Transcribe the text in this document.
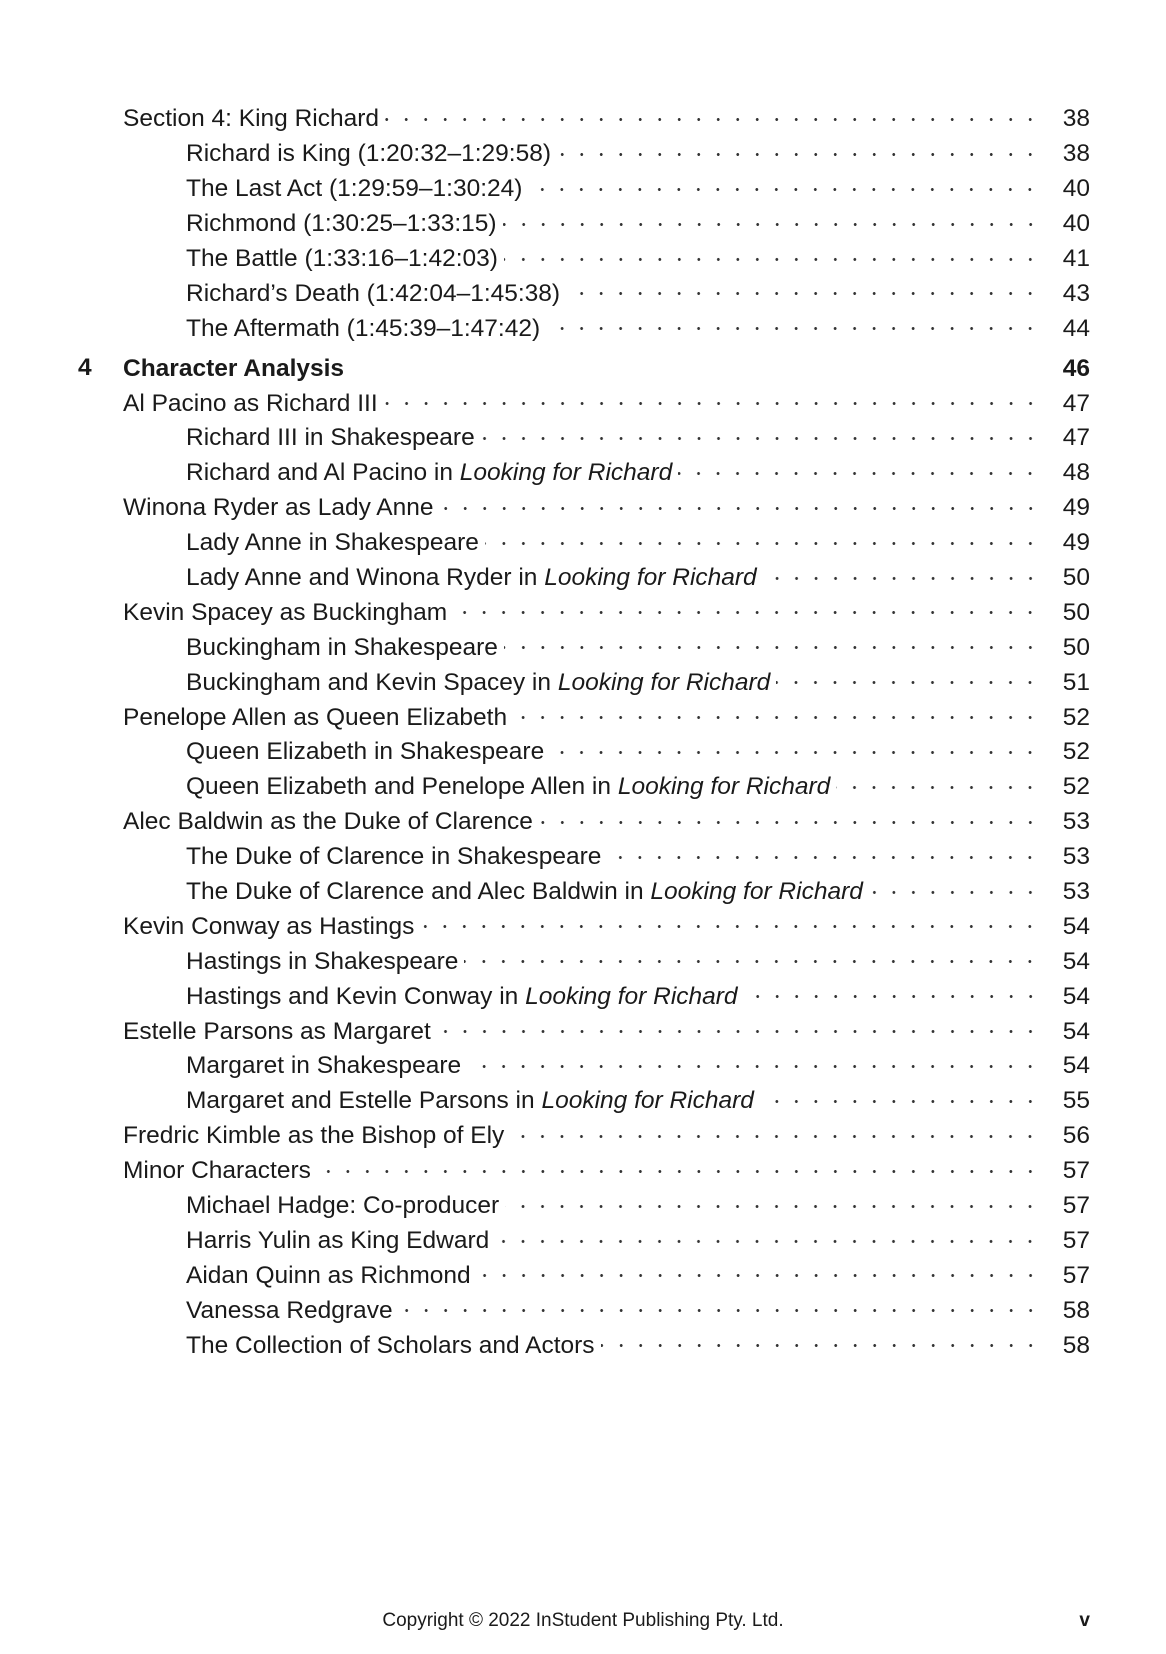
Section 4: King Richard	38
Richard is King (1:20:32–1:29:58)	38
The Last Act (1:29:59–1:30:24)	40
Richmond (1:30:25–1:33:15)	40
The Battle (1:33:16–1:42:03)	41
Richard’s Death (1:42:04–1:45:38)	43
The Aftermath (1:45:39–1:47:42)	44
4 Character Analysis	46
Al Pacino as Richard III	47
Richard III in Shakespeare	47
Richard and Al Pacino in Looking for Richard	48
Winona Ryder as Lady Anne	49
Lady Anne in Shakespeare	49
Lady Anne and Winona Ryder in Looking for Richard	50
Kevin Spacey as Buckingham	50
Buckingham in Shakespeare	50
Buckingham and Kevin Spacey in Looking for Richard	51
Penelope Allen as Queen Elizabeth	52
Queen Elizabeth in Shakespeare	52
Queen Elizabeth and Penelope Allen in Looking for Richard	52
Alec Baldwin as the Duke of Clarence	53
The Duke of Clarence in Shakespeare	53
The Duke of Clarence and Alec Baldwin in Looking for Richard	53
Kevin Conway as Hastings	54
Hastings in Shakespeare	54
Hastings and Kevin Conway in Looking for Richard	54
Estelle Parsons as Margaret	54
Margaret in Shakespeare	54
Margaret and Estelle Parsons in Looking for Richard	55
Fredric Kimble as the Bishop of Ely	56
Minor Characters	57
Michael Hadge: Co-producer	57
Harris Yulin as King Edward	57
Aidan Quinn as Richmond	57
Vanessa Redgrave	58
The Collection of Scholars and Actors	58
Copyright © 2022 InStudent Publishing Pty. Ltd.	v
